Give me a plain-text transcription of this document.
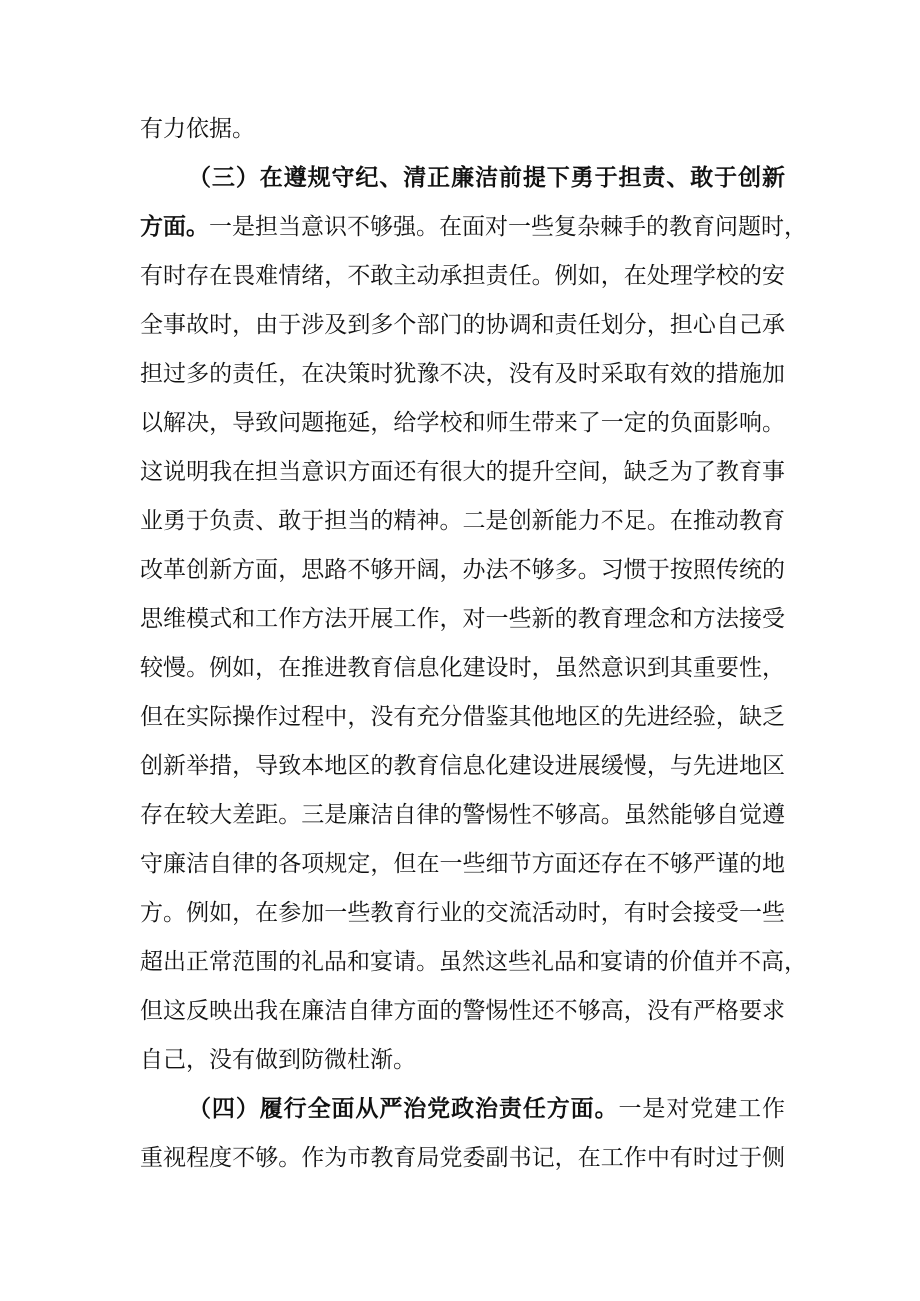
有力依据。
（三）在遵规守纪、清正廉洁前提下勇于担责、敢于创新
方面。一是担当意识不够强。在面对一些复杂棘手的教育问题时，
有时存在畏难情绪，不敢主动承担责任。例如，在处理学校的安
全事故时，由于涉及到多个部门的协调和责任划分，担心自己承
担过多的责任，在决策时犹豫不决，没有及时采取有效的措施加
以解决，导致问题拖延，给学校和师生带来了一定的负面影响。
这说明我在担当意识方面还有很大的提升空间，缺乏为了教育事
业勇于负责、敢于担当的精神。二是创新能力不足。在推动教育
改革创新方面，思路不够开阔，办法不够多。习惯于按照传统的
思维模式和工作方法开展工作，对一些新的教育理念和方法接受
较慢。例如，在推进教育信息化建设时，虽然意识到其重要性，
但在实际操作过程中，没有充分借鉴其他地区的先进经验，缺乏
创新举措，导致本地区的教育信息化建设进展缓慢，与先进地区
存在较大差距。三是廉洁自律的警惕性不够高。虽然能够自觉遵
守廉洁自律的各项规定，但在一些细节方面还存在不够严谨的地
方。例如，在参加一些教育行业的交流活动时，有时会接受一些
超出正常范围的礼品和宴请。虽然这些礼品和宴请的价值并不高，
但这反映出我在廉洁自律方面的警惕性还不够高，没有严格要求
自己，没有做到防微杜渐。
（四）履行全面从严治党政治责任方面。一是对党建工作
重视程度不够。作为市教育局党委副书记，在工作中有时过于侧
